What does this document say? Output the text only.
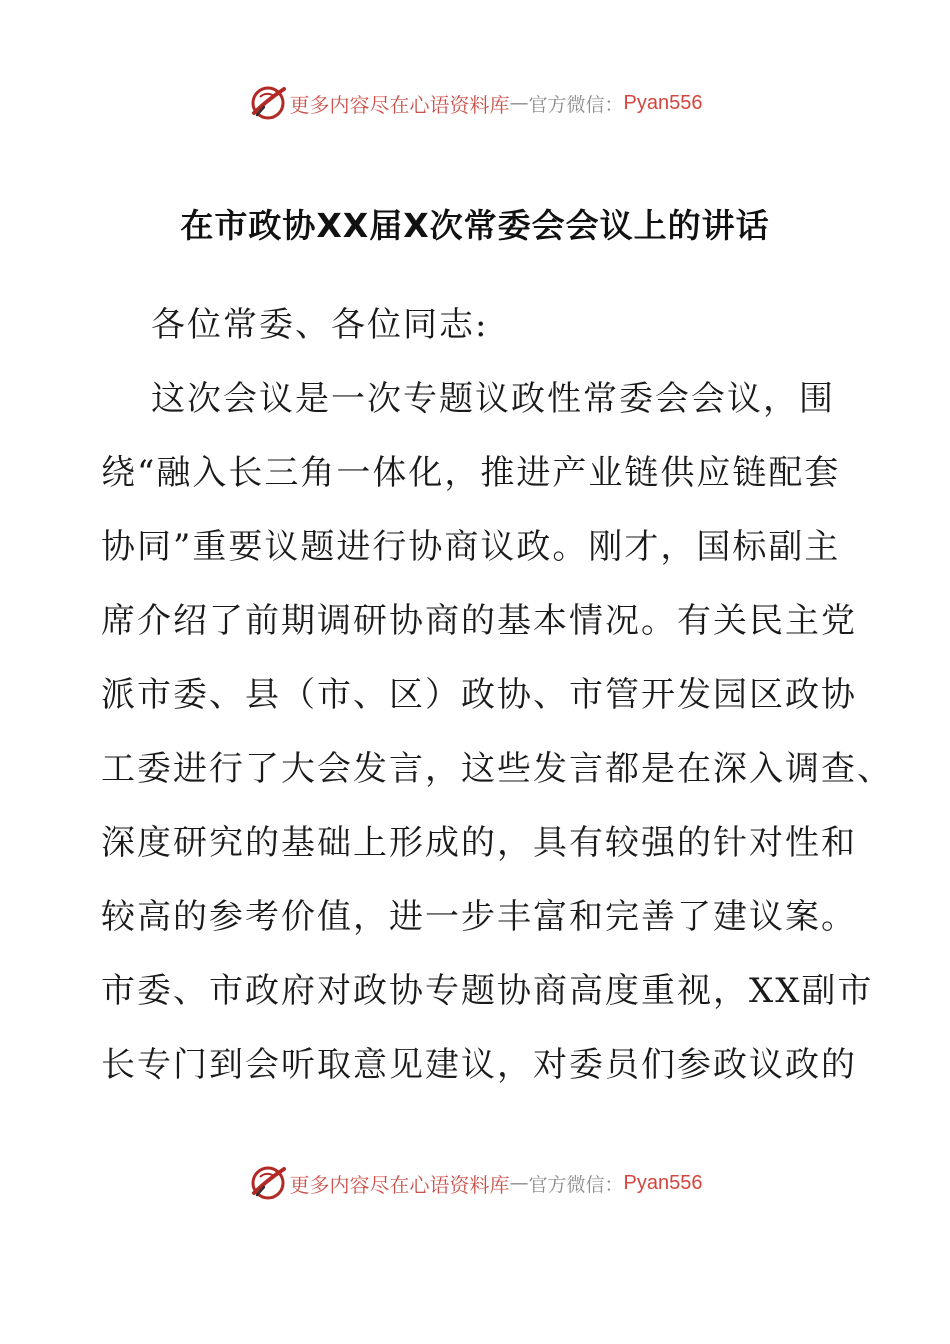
更多内容尽在心语资料库 — 官方微信： Pyan556
在市政协XX届X次常委会会议上的讲话
各位常委、各位同志:
这次会议是一次专题议政性常委会会议，围
绕“融入长三角一体化，推进产业链供应链配套
协同”重要议题进行协商议政。刚才，国标副主
席介绍了前期调研协商的基本情况。有关民主党
派市委、县（市、区）政协、市管开发园区政协
工委进行了大会发言，这些发言都是在深入调查、
深度研究的基础上形成的，具有较强的针对性和
较高的参考价值，进一步丰富和完善了建议案。
市委、市政府对政协专题协商高度重视，XX副市
长专门到会听取意见建议，对委员们参政议政的
更多内容尽在心语资料库 — 官方微信： Pyan556
